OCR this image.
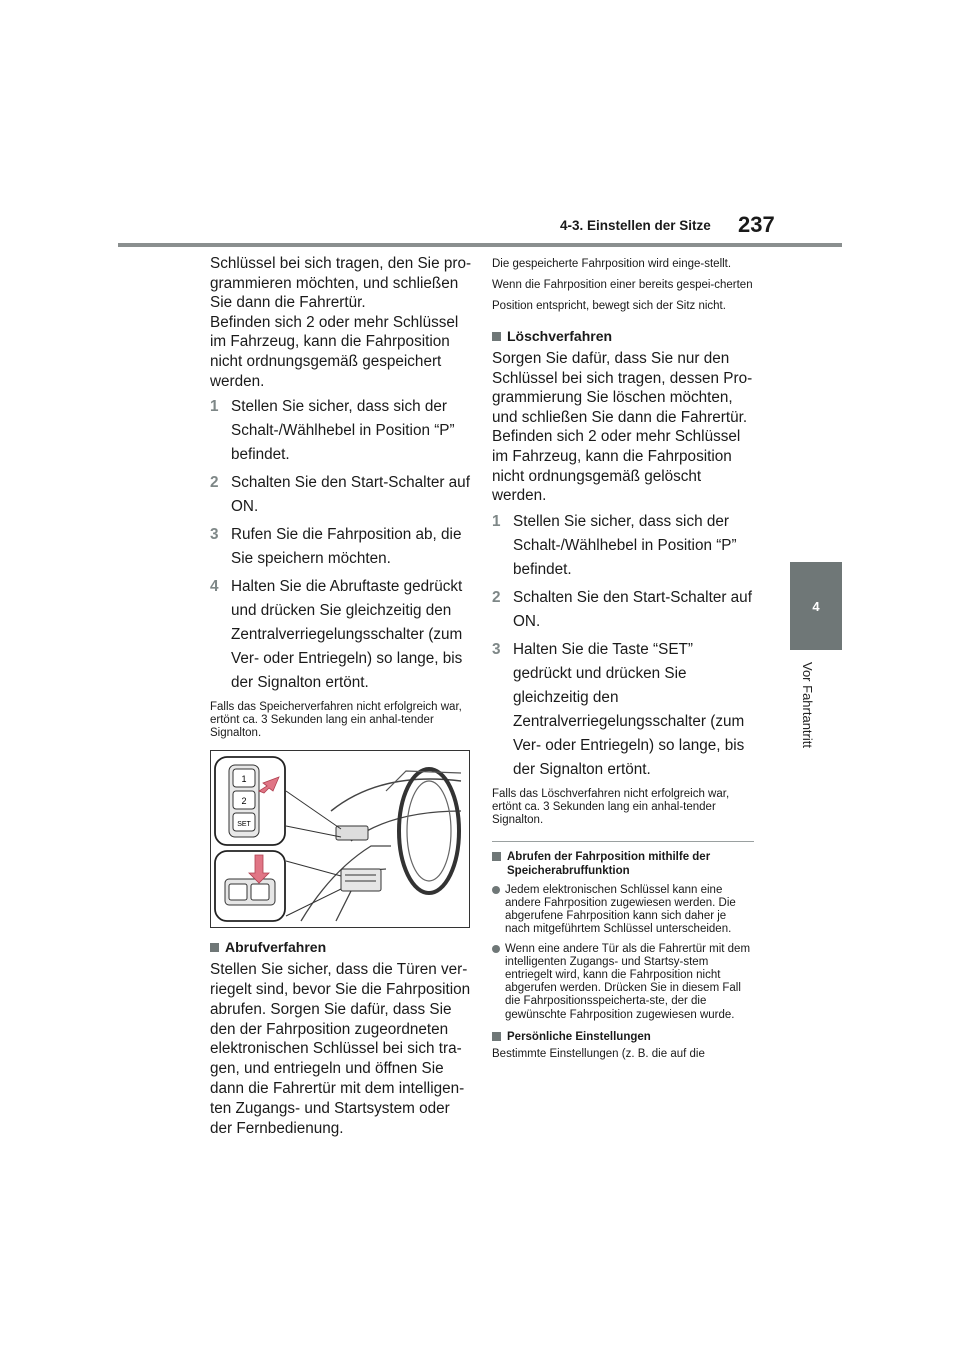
4-3. Einstellen der Sitze 237
4
Vor Fahrtantritt

Schlüssel bei sich tragen, den Sie pro-grammieren möchten, und schließen Sie dann die Fahrertür.

Befinden sich 2 oder mehr Schlüssel im Fahrzeug, kann die Fahrposition nicht ordnungsgemäß gespeichert werden.

1 Stellen Sie sicher, dass sich der Schalt-/Wählhebel in Position “P” befindet.
2 Schalten Sie den Start-Schalter auf ON.
3 Rufen Sie die Fahrposition ab, die Sie speichern möchten.
4 Halten Sie die Abruftaste gedrückt und drücken Sie gleichzeitig den Zentralverriegelungsschalter (zum Ver- oder Entriegeln) so lange, bis der Signalton ertönt.

Falls das Speicherverfahren nicht erfolgreich war, ertönt ca. 3 Sekunden lang ein anhal-tender Signalton.

1
2
SET
Abrufverfahren

Stellen Sie sicher, dass die Türen ver-riegelt sind, bevor Sie die Fahrposition abrufen. Sorgen Sie dafür, dass Sie den der Fahrposition zugeordneten elektronischen Schlüssel bei sich tra-gen, und entriegeln und öffnen Sie dann die Fahrertür mit dem intelligen-ten Zugangs- und Startsystem oder der Fernbedienung.

Die gespeicherte Fahrposition wird einge-stellt.

Wenn die Fahrposition einer bereits gespei-cherten Position entspricht, bewegt sich der Sitz nicht.

Löschverfahren

Sorgen Sie dafür, dass Sie nur den Schlüssel bei sich tragen, dessen Pro-grammierung Sie löschen möchten, und schließen Sie dann die Fahrertür. Befinden sich 2 oder mehr Schlüssel im Fahrzeug, kann die Fahrposition nicht ordnungsgemäß gelöscht werden.

1 Stellen Sie sicher, dass sich der Schalt-/Wählhebel in Position “P” befindet.
2 Schalten Sie den Start-Schalter auf ON.
3 Halten Sie die Taste “SET” gedrückt und drücken Sie gleichzeitig den Zentralverriegelungsschalter (zum Ver- oder Entriegeln) so lange, bis der Signalton ertönt.

Falls das Löschverfahren nicht erfolgreich war, ertönt ca. 3 Sekunden lang ein anhal-tender Signalton.

Abrufen der Fahrposition mithilfe der Speicherabruffunktion
Jedem elektronischen Schlüssel kann eine andere Fahrposition zugewiesen werden. Die abgerufene Fahrposition kann sich daher je nach mitgeführtem Schlüssel unterscheiden.
Wenn eine andere Tür als die Fahrertür mit dem intelligenten Zugangs- und Startsy-stem entriegelt wird, kann die Fahrposition nicht abgerufen werden. Drücken Sie in diesem Fall die Fahrpositionsspeicherta-ste, der die gewünschte Fahrposition zugewiesen wurde.
Persönliche Einstellungen

Bestimmte Einstellungen (z. B. die auf die
